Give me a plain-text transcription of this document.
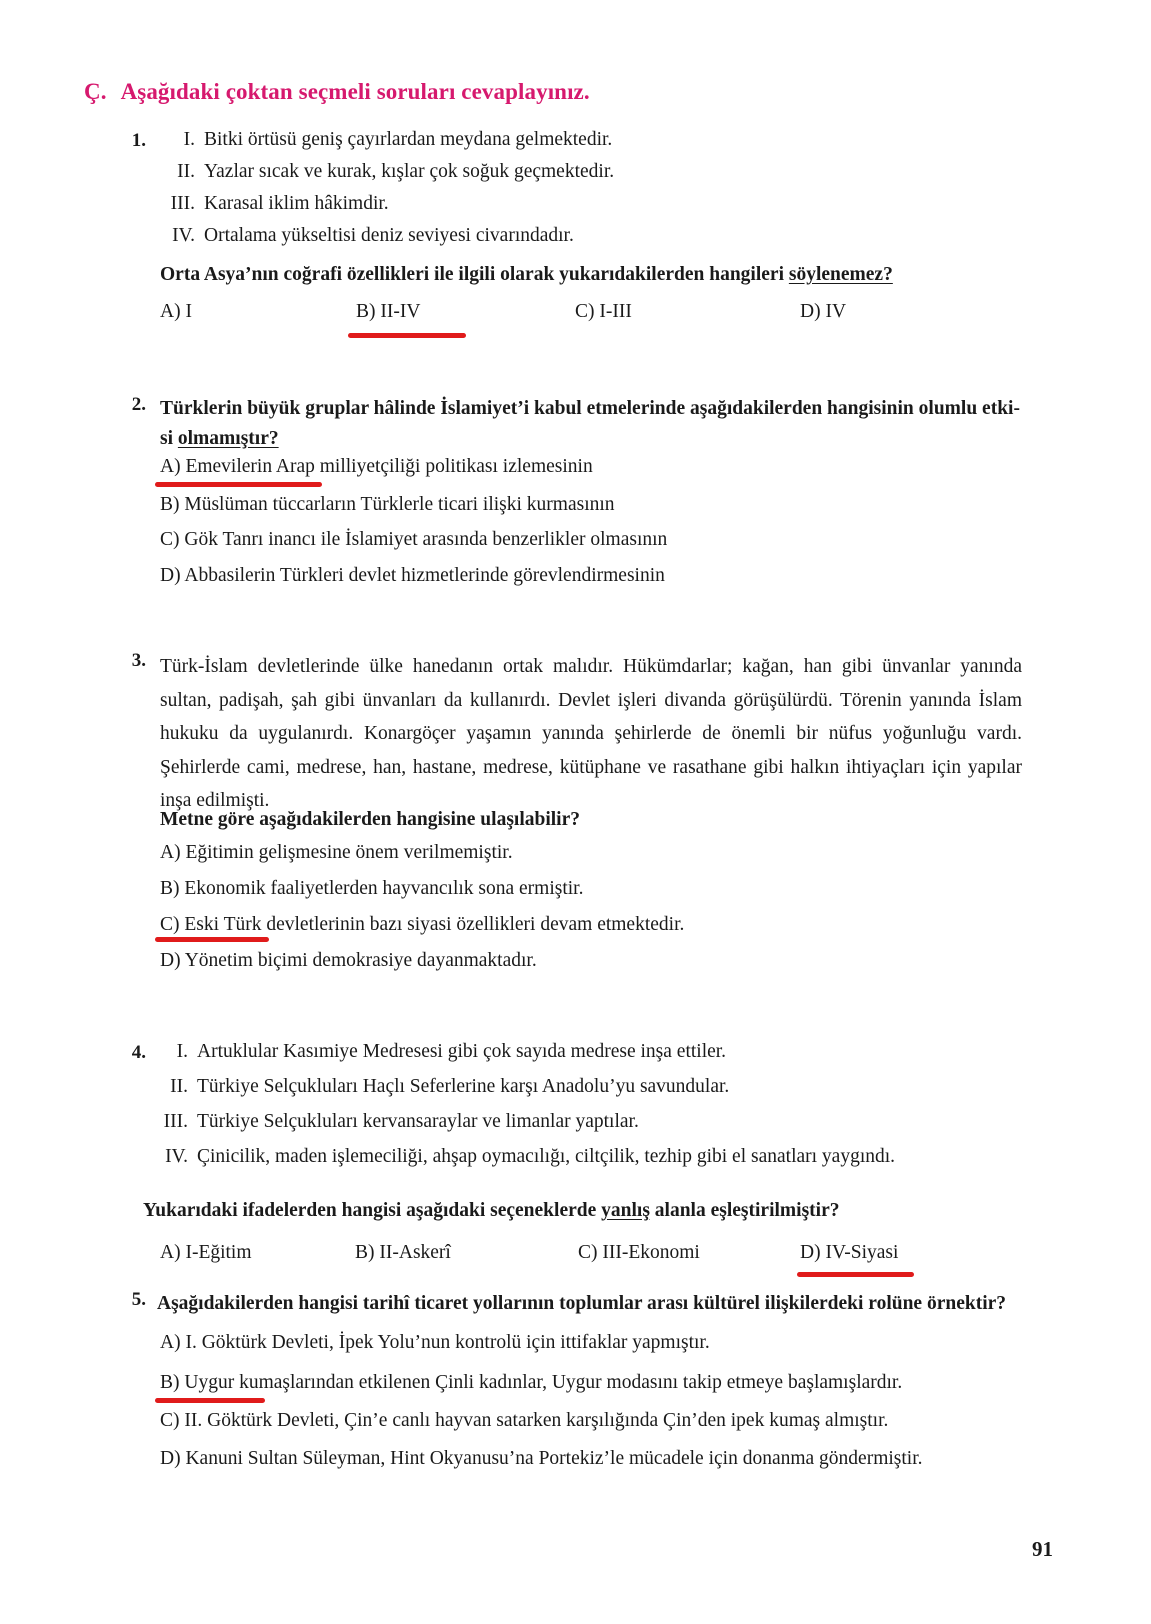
Ç. Aşağıdaki çoktan seçmeli soruları cevaplayınız.
1.	I. Bitki örtüsü geniş çayırlardan meydana gelmektedir.
II. Yazlar sıcak ve kurak, kışlar çok soğuk geçmektedir.
III. Karasal iklim hâkimdir.
IV. Ortalama yükseltisi deniz seviyesi civarındadır.
Orta Asya’nın coğrafi özellikleri ile ilgili olarak yukarıdakilerden hangileri söylenemez?
A) I	B) II-IV	C) I-III	D) IV
2. Türklerin büyük gruplar hâlinde İslamiyet’i kabul etmelerinde aşağıdakilerden hangisinin olumlu etki-
si olmamıştır?
A) Emevilerin Arap milliyetçiliği politikası izlemesinin
B) Müslüman tüccarların Türklerle ticari ilişki kurmasının
C) Gök Tanrı inancı ile İslamiyet arasında benzerlikler olmasının
D) Abbasilerin Türkleri devlet hizmetlerinde görevlendirmesinin
3. Türk-İslam devletlerinde ülke hanedanın ortak malıdır. Hükümdarlar; kağan, han gibi ünvanlar yanında sultan, padişah, şah gibi ünvanları da kullanırdı. Devlet işleri divanda görüşülürdü. Törenin yanında İslam hukuku da uygulanırdı. Konargöçer yaşamın yanında şehirlerde de önemli bir nüfus yoğunluğu vardı. Şehirlerde cami, medrese, han, hastane, medrese, kütüphane ve rasathane gibi halkın ihtiyaçları için yapılar inşa edilmişti.
Metne göre aşağıdakilerden hangisine ulaşılabilir?
A) Eğitimin gelişmesine önem verilmemiştir.
B) Ekonomik faaliyetlerden hayvancılık sona ermiştir.
C) Eski Türk devletlerinin bazı siyasi özellikleri devam etmektedir.
D) Yönetim biçimi demokrasiye dayanmaktadır.
4.	I. Artuklular Kasımiye Medresesi gibi çok sayıda medrese inşa ettiler.
II. Türkiye Selçukluları Haçlı Seferlerine karşı Anadolu’yu savundular.
III. Türkiye Selçukluları kervansaraylar ve limanlar yaptılar.
IV. Çinicilik, maden işlemeciliği, ahşap oymacılığı, ciltçilik, tezhip gibi el sanatları yaygındı.
Yukarıdaki ifadelerden hangisi aşağıdaki seçeneklerde yanlış alanla eşleştirilmiştir?
A) I-Eğitim	B) II-Askerî	C) III-Ekonomi	D) IV-Siyasi
5. Aşağıdakilerden hangisi tarihî ticaret yollarının toplumlar arası kültürel ilişkilerdeki rolüne örnektir?
A) I. Göktürk Devleti, İpek Yolu’nun kontrolü için ittifaklar yapmıştır.
B) Uygur kumaşlarından etkilenen Çinli kadınlar, Uygur modasını takip etmeye başlamışlardır.
C) II. Göktürk Devleti, Çin’e canlı hayvan satarken karşılığında Çin’den ipek kumaş almıştır.
D) Kanuni Sultan Süleyman, Hint Okyanusu’na Portekiz’le mücadele için donanma göndermiştir.
91
